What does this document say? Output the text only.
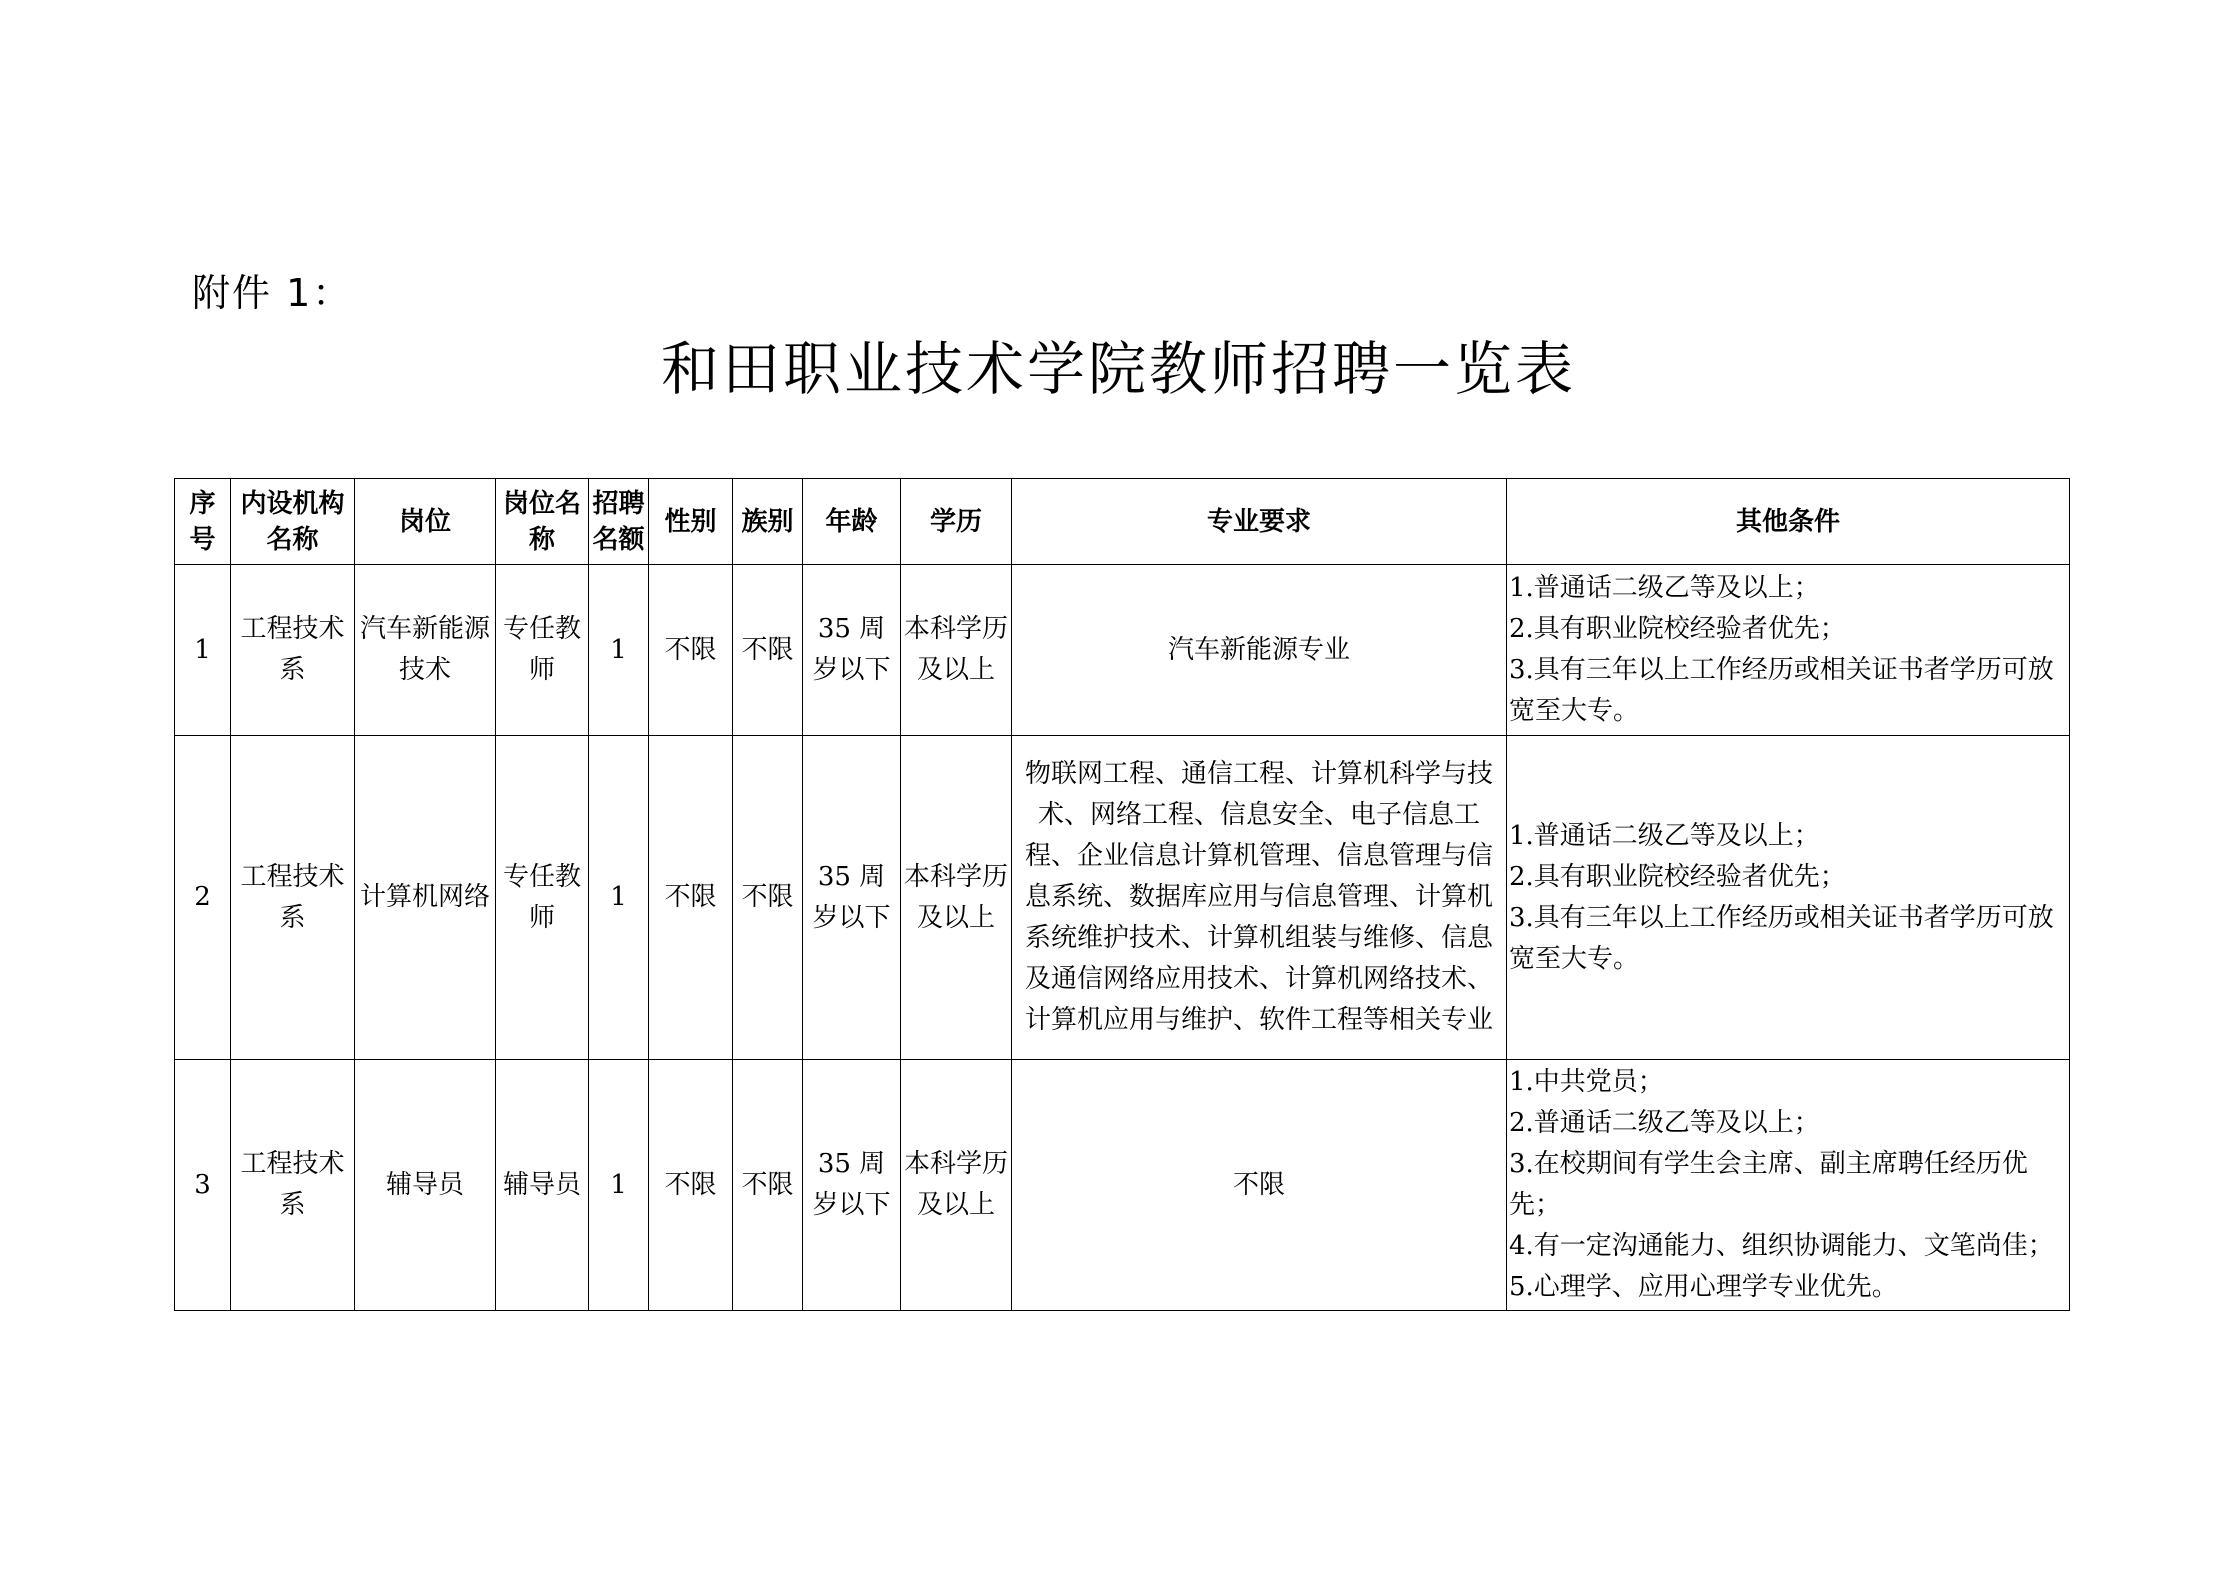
附件 1：
和田职业技术学院教师招聘一览表
序号	内设机构名称	岗位	岗位名称	招聘名额	性别	族别	年龄	学历	专业要求	其他条件
1	工程技术系	汽车新能源技术	专任教师	1	不限	不限	35 周岁以下	本科学历及以上	汽车新能源专业	1.普通话二级乙等及以上；
2.具有职业院校经验者优先；
3.具有三年以上工作经历或相关证书者学历可放宽至大专。

2	工程技术系	计算机网络	专任教师	1	不限	不限	35 周岁以下	本科学历及以上	物联网工程、通信工程、计算机科学与技术、网络工程、信息安全、电子信息工程、企业信息计算机管理、信息管理与信息系统、数据库应用与信息管理、计算机系统维护技术、计算机组装与维修、信息及通信网络应用技术、计算机网络技术、计算机应用与维护、软件工程等相关专业	1.普通话二级乙等及以上；
2.具有职业院校经验者优先；
3.具有三年以上工作经历或相关证书者学历可放宽至大专。

3	工程技术系	辅导员	辅导员	1	不限	不限	35 周岁以下	本科学历及以上	不限	1.中共党员；
2.普通话二级乙等及以上；
3.在校期间有学生会主席、副主席聘任经历优先；
4.有一定沟通能力、组织协调能力、文笔尚佳；
5.心理学、应用心理学专业优先。
